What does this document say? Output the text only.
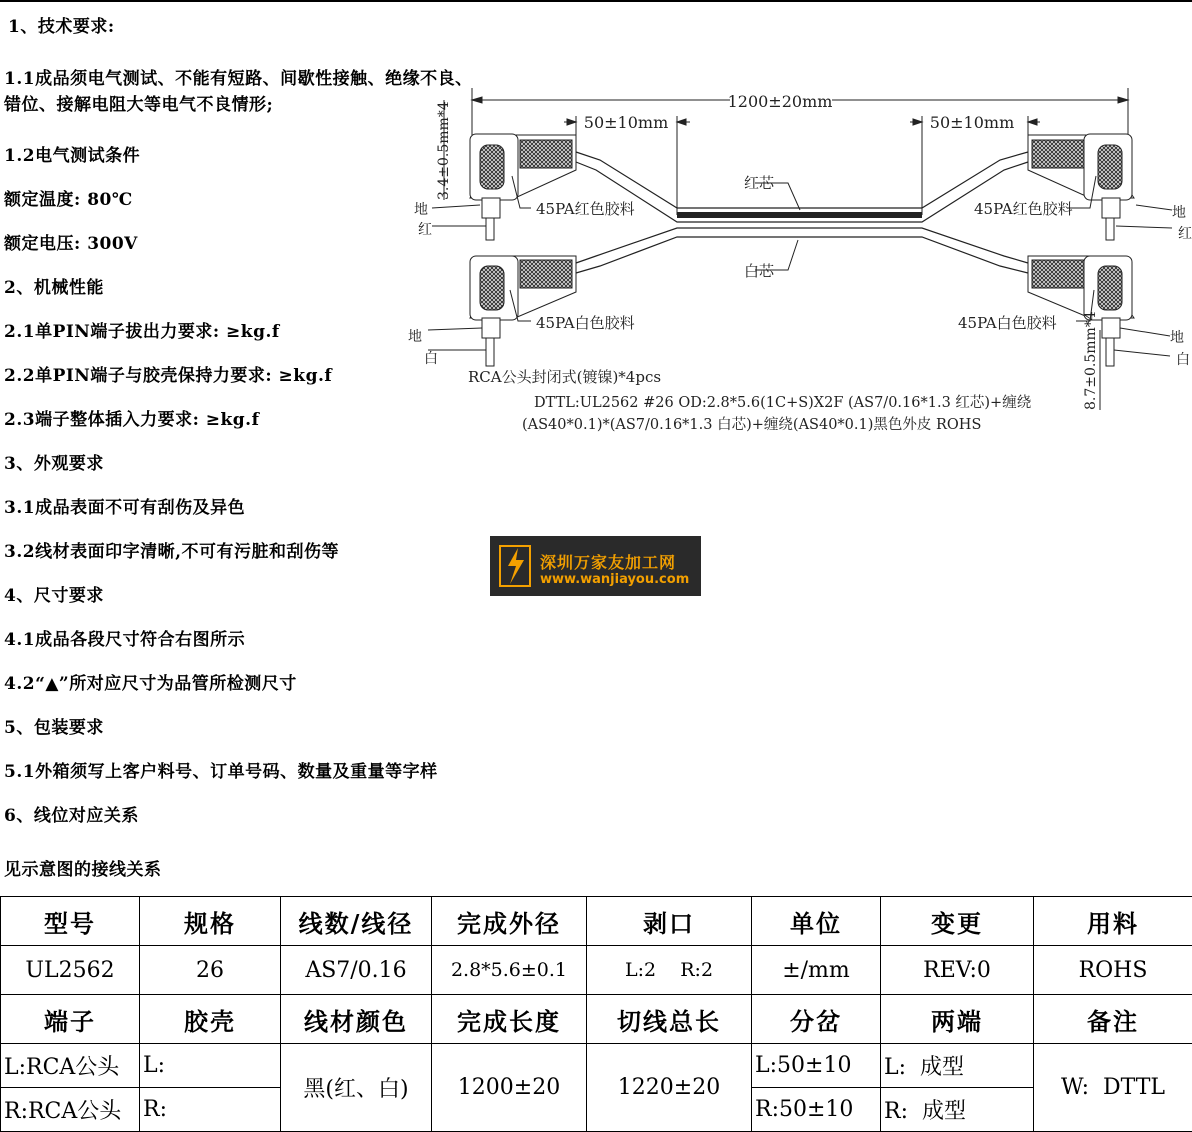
1、技术要求:
1.1成品须电气测试、不能有短路、间歇性接触、绝缘不良、
错位、接解电阻大等电气不良情形;
1.2电气测试条件
额定温度: 80℃
额定电压: 300V
2、机械性能
2.1单PIN端子拔出力要求: ≥kg.f
2.2单PIN端子与胶壳保持力要求: ≥kg.f
2.3端子整体插入力要求: ≥kg.f
3、外观要求
3.1成品表面不可有刮伤及异色
3.2线材表面印字清晰,不可有污脏和刮伤等
4、尺寸要求
4.1成品各段尺寸符合右图所示
4.2“▲”所对应尺寸为品管所检测尺寸
5、包装要求
5.1外箱须写上客户料号、订单号码、数量及重量等字样
6、线位对应关系
见示意图的接线关系
1200±20mm
50±10mm	50±10mm
3.4±0.5mm*4
8.7±0.5mm*4
红芯
白芯
45PA红色胶料	45PA红色胶料
45PA白色胶料	45PA白色胶料
地
红
地
红
地
白
地
白
RCA公头封闭式(镀镍)*4pcs
DTTL:UL2562 #26 OD:2.8*5.6(1C+S)X2F (AS7/0.16*1.3 红芯)+缠绕
(AS40*0.1)*(AS7/0.16*1.3 白芯)+缠绕(AS40*0.1)黑色外皮 ROHS
深圳万家友加工网
www.wanjiayou.com
型号	规格	线数/线径	完成外径	剥口	单位	变更	用料
UL2562	26	AS7/0.16	2.8*5.6±0.1	L:2    R:2	±/mm	REV:0	ROHS
端子	胶壳	线材颜色	完成长度	切线总长	分岔	两端	备注
L:RCA公头	L:	黑(红、白)	1200±20	1220±20	L:50±10	L:  成型	W:  DTTL
R:RCA公头	R:				R:50±10	R:  成型	
